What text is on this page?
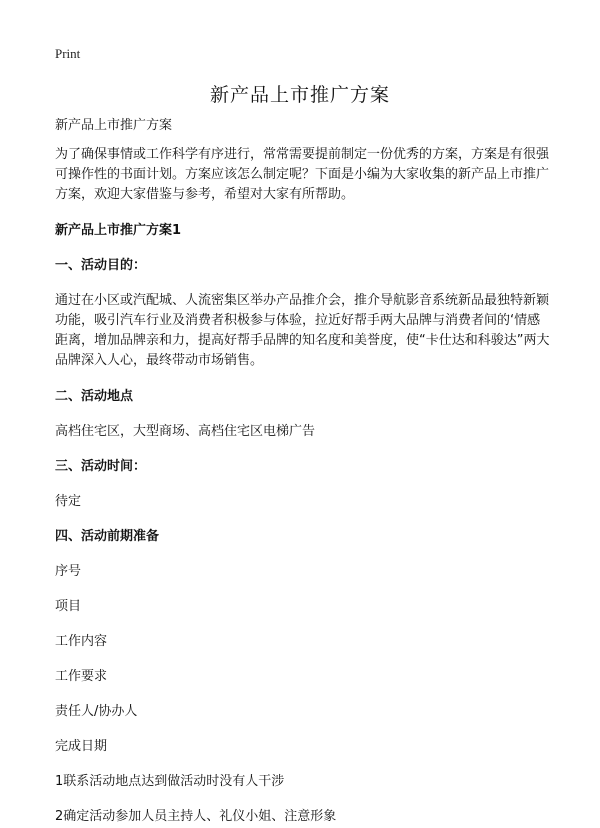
Print
新产品上市推广方案

新产品上市推广方案

为了确保事情或工作科学有序进行，常常需要提前制定一份优秀的方案，方案是有很强可操作性的书面计划。方案应该怎么制定呢？下面是小编为大家收集的新产品上市推广方案，欢迎大家借鉴与参考，希望对大家有所帮助。

新产品上市推广方案1

一、活动目的：

通过在小区或汽配城、人流密集区举办产品推介会，推介导航影音系统新品最独特新颖功能，吸引汽车行业及消费者积极参与体验，拉近好帮手两大品牌与消费者间的‘情感距离，增加品牌亲和力，提高好帮手品牌的知名度和美誉度，使“卡仕达和科骏达”两大品牌深入人心，最终带动市场销售。

二、活动地点

高档住宅区，大型商场、高档住宅区电梯广告

三、活动时间：

待定

四、活动前期准备

序号

项目

工作内容

工作要求

责任人/协办人

完成日期

1联系活动地点达到做活动时没有人干涉

2确定活动参加人员主持人、礼仪小姐、注意形象
